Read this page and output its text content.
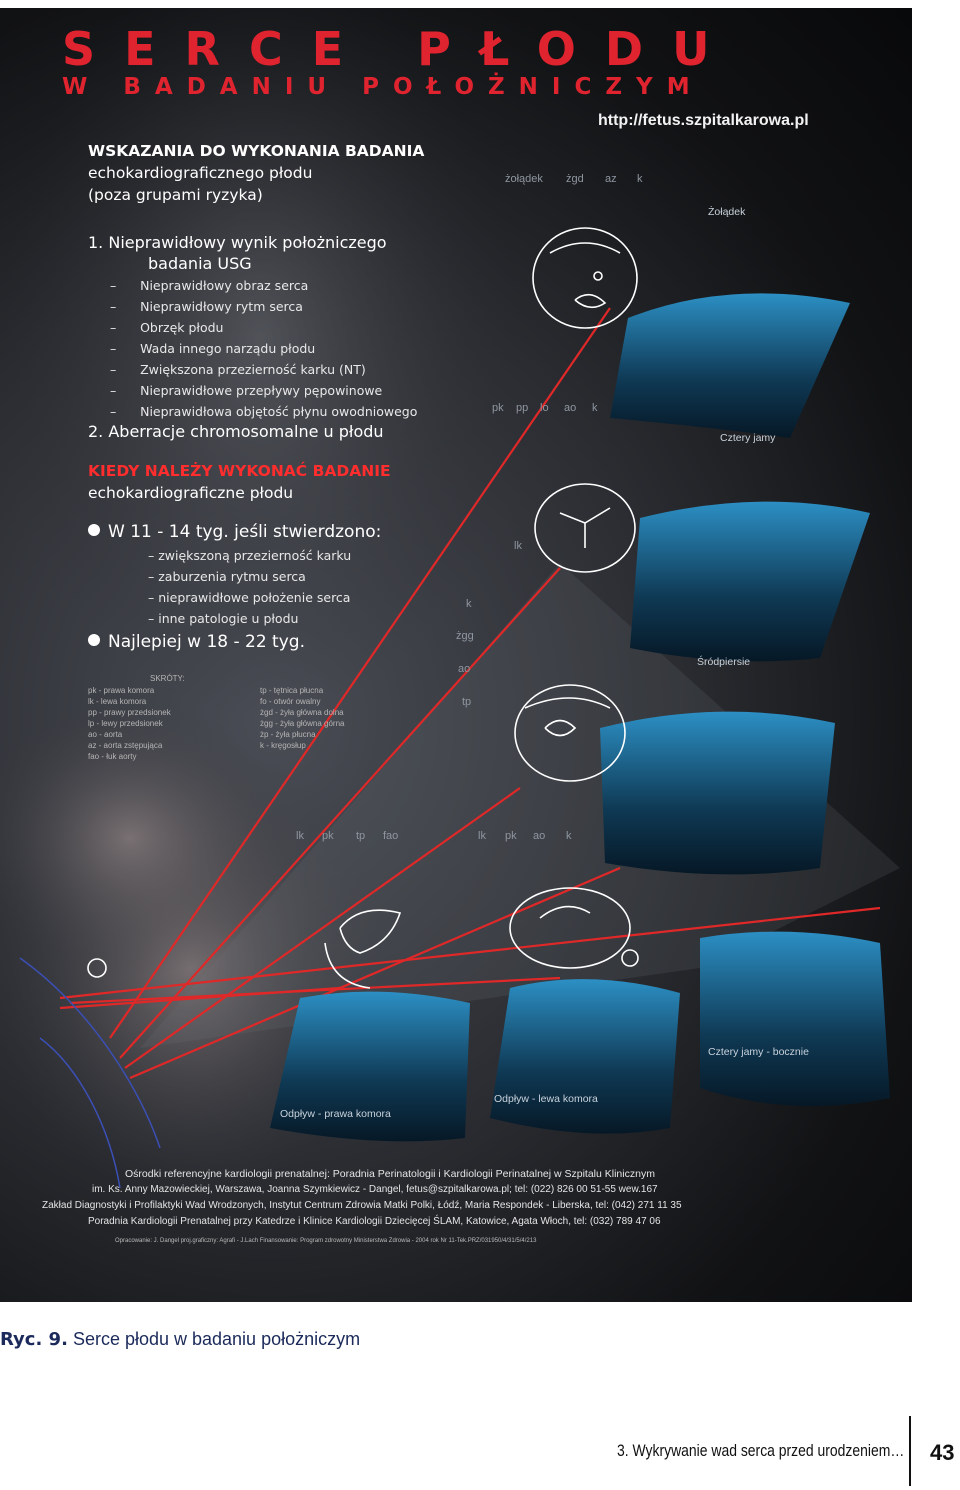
SERCE PŁODU
W BADANIU POŁOŻNICZYM
http://fetus.szpitalkarowa.pl
WSKAZANIA DO WYKONANIA BADANIA
echokardiograficznego płodu
(poza grupami ryzyka)
1. Nieprawidłowy wynik położniczego
badania USG
–      Nieprawidłowy obraz serca
–      Nieprawidłowy rytm serca
–      Obrzęk płodu
–      Wada innego narządu płodu
–      Zwiększona przezierność karku (NT)
–      Nieprawidłowe przepływy pępowinowe
–      Nieprawidłowa objętość płynu owodniowego
2. Aberracje chromosomalne u płodu
KIEDY NALEŻY WYKONAĆ BADANIE
echokardiograficzne płodu
W 11 - 14 tyg. jeśli stwierdzono:
– zwiększoną przezierność karku
– zaburzenia rytmu serca
– nieprawidłowe położenie serca
– inne patologie u płodu
Najlepiej w 18 - 22 tyg.
SKRÓTY:
pk - prawa komora
lk - lewa komora
pp - prawy przedsionek
lp - lewy przedsionek
ao - aorta
az - aorta zstępująca
fao - łuk aorty
tp - tętnica płucna
fo - otwór owalny
żgd - żyła główna dolna
żgg - żyła główna górna
żp - żyła płucna
k - kręgosłup
żołądek żgd az k
Żołądek
pk pp lo ao k
Cztery jamy
lk
k
żgg
ao
tp
Śródpiersie
lk pk tp fao	lk pk ao k
Odpływ - prawa komora
Odpływ - lewa komora
Cztery jamy - bocznie
Ośrodki referencyjne kardiologii prenatalnej: Poradnia Perinatologii i Kardiologii Perinatalnej w Szpitalu Klinicznym
im. Ks. Anny Mazowieckiej, Warszawa, Joanna Szymkiewicz - Dangel, fetus@szpitalkarowa.pl; tel: (022) 826 00 51-55 wew.167
Zakład Diagnostyki i Profilaktyki Wad Wrodzonych, Instytut Centrum Zdrowia Matki Polki, Łódź, Maria Respondek - Liberska, tel: (042) 271 11 35
Poradnia Kardiologii Prenatalnej przy Katedrze i Klinice Kardiologii Dziecięcej ŚLAM, Katowice, Agata Włoch, tel: (032) 789 47 06
Opracowanie: J. Dangel proj.graficzny: Agrafi - J.Lach Finansowanie: Program zdrowotny Ministerstwa Zdrowia - 2004 rok Nr 11-Tek.PRZ/031950/4/31/5/4/213
Ryc. 9. Serce płodu w badaniu położniczym
3. Wykrywanie wad serca przed urodzeniem… 43
